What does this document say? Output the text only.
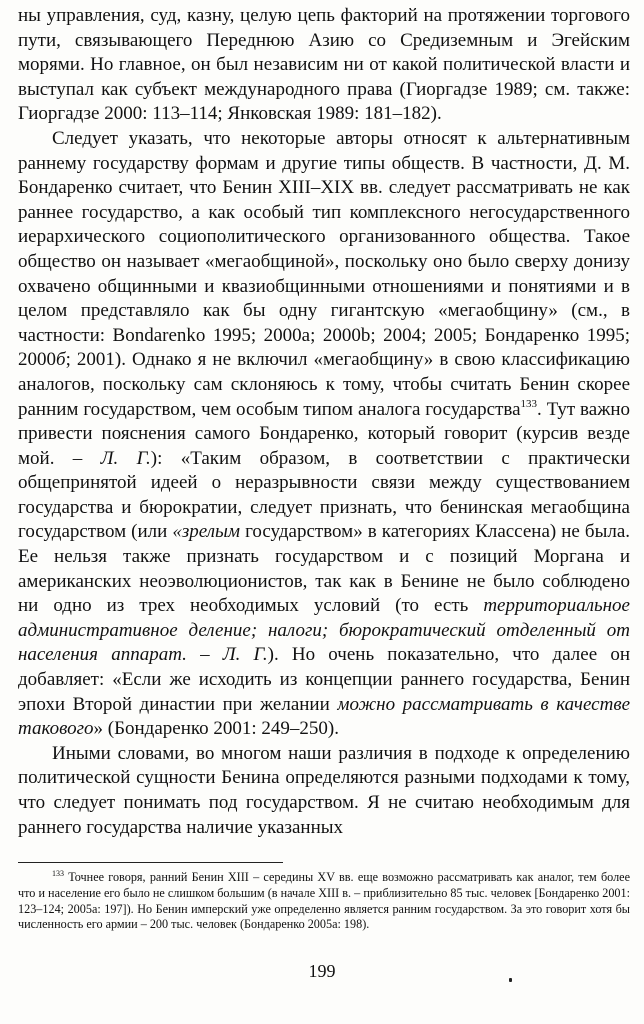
ны управления, суд, казну, целую цепь факторий на протяжении торгового пути, связывающего Переднюю Азию со Средиземным и Эгейским морями. Но главное, он был независим ни от какой политической власти и выступал как субъект международного права (Гиоргадзе 1989; см. также: Гиоргадзе 2000: 113–114; Янковская 1989: 181–182).

Следует указать, что некоторые авторы относят к альтернативным раннему государству формам и другие типы обществ. В частности, Д. М. Бондаренко считает, что Бенин XIII–XIX вв. следует рассматривать не как раннее государство, а как особый тип комплексного негосударственного иерархического социополитического организованного общества. Такое общество он называет «мегаобщиной», поскольку оно было сверху донизу охвачено общинными и квазиобщинными отношениями и понятиями и в целом представляло как бы одну гигантскую «мегаобщину» (см., в частности: Bondarenko 1995; 2000a; 2000b; 2004; 2005; Бондаренко 1995; 2000б; 2001). Однако я не включил «мегаобщину» в свою классификацию аналогов, поскольку сам склоняюсь к тому, чтобы считать Бенин скорее ранним государством, чем особым типом аналога государства$^{133}$. Тут важно привести пояснения самого Бондаренко, который говорит (курсив везде мой. – Л. Г.): «Таким образом, в соответствии с практически общепринятой идеей о неразрывности связи между существованием государства и бюрократии, следует признать, что бенинская мегаобщина государством (или «зрелым государством» в категориях Классена) не была. Ее нельзя также признать государством и с позиций Моргана и американских неоэволюционистов, так как в Бенине не было соблюдено ни одно из трех необходимых условий (то есть территориальное административное деление; налоги; бюрократический отделенный от населения аппарат. – Л. Г.). Но очень показательно, что далее он добавляет: «Если же исходить из концепции раннего государства, Бенин эпохи Второй династии при желании можно рассматривать в качестве такового» (Бондаренко 2001: 249–250).

Иными словами, во многом наши различия в подходе к определению политической сущности Бенина определяются разными подходами к тому, что следует понимать под государством. Я не считаю необходимым для раннего государства наличие указанных

$^{133}$ Точнее говоря, ранний Бенин XIII – середины XV вв. еще возможно рассматривать как аналог, тем более что и население его было не слишком большим (в начале XIII в. – приблизительно 85 тыс. человек [Бондаренко 2001: 123–124; 2005а: 197]). Но Бенин имперский уже определенно является ранним государством. За это говорит хотя бы численность его армии – 200 тыс. человек (Бондаренко 2005а: 198).
199
